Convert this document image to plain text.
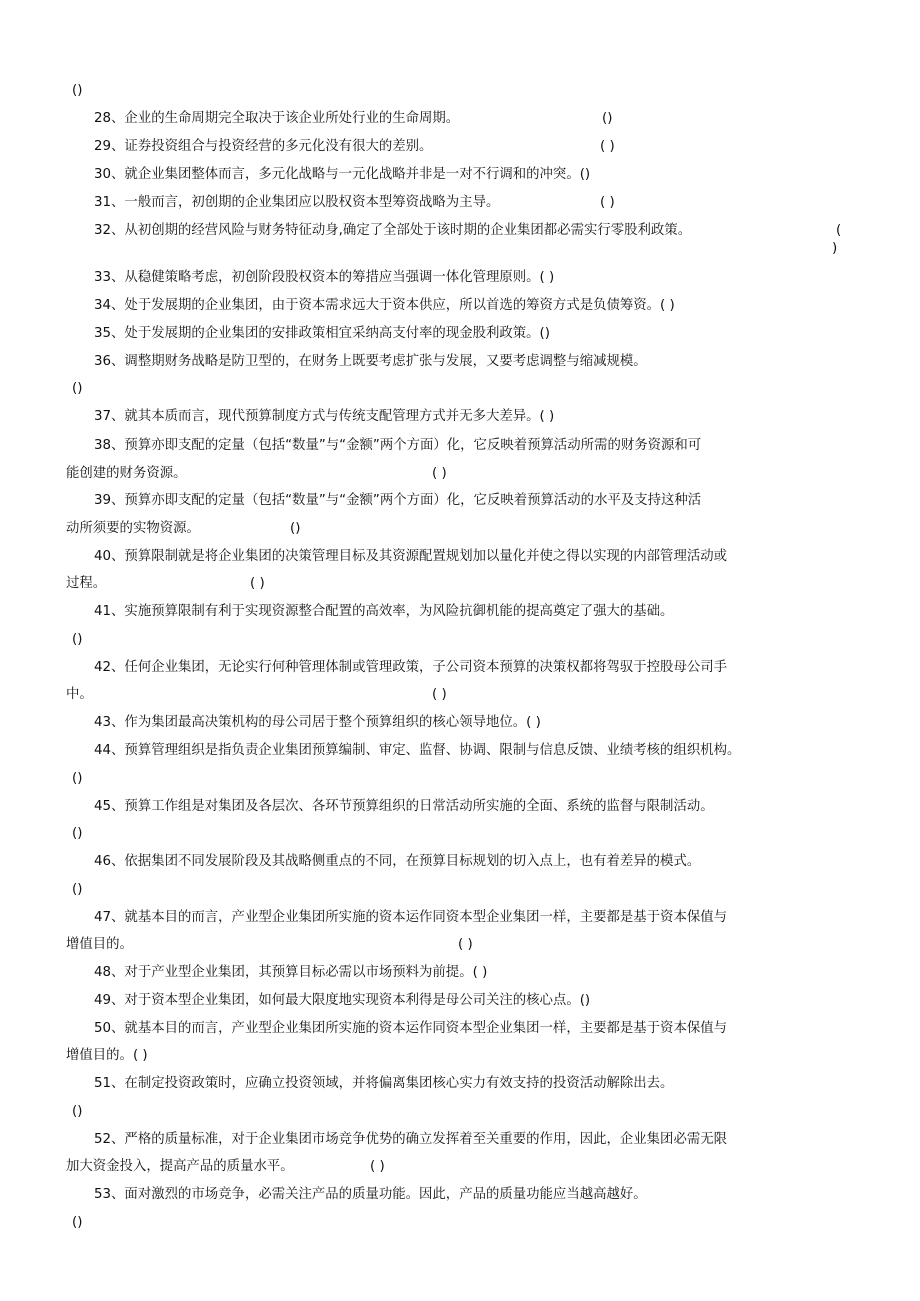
()
28、企业的生命周期完全取决于该企业所处行业的生命周期。	()
29、证券投资组合与投资经营的多元化没有很大的差别。	( )
30、就企业集团整体而言，多元化战略与一元化战略并非是一对不行调和的冲突。()
31、一般而言，初创期的企业集团应以股权资本型筹资战略为主导。	( )
32、从初创期的经营风险与财务特征动身,确定了全部处于该时期的企业集团都必需实行零股利政策。	(
)
33、从稳健策略考虑，初创阶段股权资本的筹措应当强调一体化管理原则。( )
34、处于发展期的企业集团，由于资本需求远大于资本供应，所以首选的筹资方式是负债筹资。( )
35、处于发展期的企业集团的安排政策相宜采纳高支付率的现金股利政策。()
36、调整期财务战略是防卫型的，在财务上既要考虑扩张与发展，又要考虑调整与缩减规模。
()
37、就其本质而言，现代预算制度方式与传统支配管理方式并无多大差异。( )
38、预算亦即支配的定量（包括“数量”与“金额”两个方面）化，它反映着预算活动所需的财务资源和可
能创建的财务资源。	( )
39、预算亦即支配的定量（包括“数量”与“金额”两个方面）化，它反映着预算活动的水平及支持这种活
动所须要的实物资源。	()
40、预算限制就是将企业集团的决策管理目标及其资源配置规划加以量化并使之得以实现的内部管理活动或
过程。	( )
41、实施预算限制有利于实现资源整合配置的高效率，为风险抗御机能的提高奠定了强大的基础。
()
42、任何企业集团，无论实行何种管理体制或管理政策，子公司资本预算的决策权都将驾驭于控股母公司手
中。	( )
43、作为集团最高决策机构的母公司居于整个预算组织的核心领导地位。( )
44、预算管理组织是指负责企业集团预算编制、审定、监督、协调、限制与信息反馈、业绩考核的组织机构。
()
45、预算工作组是对集团及各层次、各环节预算组织的日常活动所实施的全面、系统的监督与限制活动。
()
46、依据集团不同发展阶段及其战略侧重点的不同，在预算目标规划的切入点上，也有着差异的模式。
()
47、就基本目的而言，产业型企业集团所实施的资本运作同资本型企业集团一样，主要都是基于资本保值与
增值目的。	( )
48、对于产业型企业集团，其预算目标必需以市场预料为前提。( )
49、对于资本型企业集团，如何最大限度地实现资本利得是母公司关注的核心点。()
50、就基本目的而言，产业型企业集团所实施的资本运作同资本型企业集团一样，主要都是基于资本保值与
增值目的。( )
51、在制定投资政策时，应确立投资领域，并将偏离集团核心实力有效支持的投资活动解除出去。
()
52、严格的质量标准，对于企业集团市场竞争优势的确立发挥着至关重要的作用，因此，企业集团必需无限
加大资金投入，提高产品的质量水平。	( )
53、面对激烈的市场竞争，必需关注产品的质量功能。因此，产品的质量功能应当越高越好。
()
